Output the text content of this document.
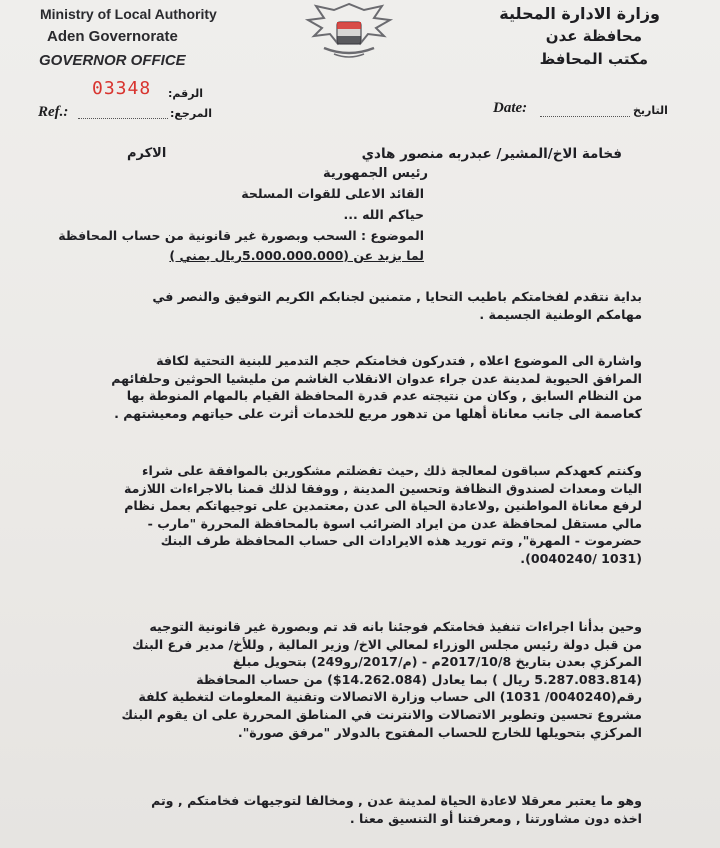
Ministry of Local Authority
Aden Governorate
GOVERNOR OFFICE
03348 الرقم:
Ref.:	المرجع:
وزارة الادارة المحلية
محافظة عدن
مكتب المحافظ
Date:	التاريخ
فخامة الاخ/المشير/ عبدربه منصور هادي
الاكرم
رئيس الجمهورية
القائد الاعلى للقوات المسلحة
حياكم الله ...
الموضوع : السحب وبصورة غير قانونية من حساب المحافظة
لما يزيد عن (5.000.000.000ريال يمني )
بداية نتقدم لفخامتكم باطيب التحايا , متمنين لجنابكم الكريم التوفيق والنصر في
مهامكم الوطنية الجسيمة .
واشارة الى الموضوع اعلاه , فتدركون فخامتكم حجم التدمير للبنية التحتية لكافة
المرافق الحيوية لمدينة عدن جراء عدوان الانقلاب الغاشم من مليشيا الحوثين وحلفائهم
من النظام السابق , وكان من نتيجته عدم قدرة المحافظة القيام بالمهام المنوطة بها
كعاصمة الى جانب معاناة أهلها من تدهور مريع للخدمات أثرت على حياتهم ومعيشتهم .
وكنتم كعهدكم سباقون لمعالجة ذلك ,حيث تفضلتم مشكورين بالموافقة على شراء
اليات ومعدات لصندوق النظافة وتحسين المدينة , ووفقا لذلك قمنا بالاجراءات اللازمة
لرفع معاناة المواطنين ,ولاعادة الحياة الى عدن ,معتمدين على توجيهاتكم بعمل نظام
مالي مستقل لمحافظة عدن من ايراد الضرائب اسوة بالمحافظة المحررة "مارب -
حضرموت - المهرة", وتم توريد هذه الايرادات الى حساب المحافظة طرف البنك
(1031 /0040240).
وحين بدأنا اجراءات تنفيذ فخامتكم فوجئنا بانه قد تم وبصورة غير قانونية التوجيه
من قبل دولة رئيس مجلس الوزراء لمعالي الاخ/ وزير المالية , وللأخ/ مدير فرع البنك
المركزي بعدن بتاريخ 2017/10/8م - (م/2017/رو249) بتحويل مبلغ
(5.287.083.814 ريال ) بما يعادل (14.262.084$) من حساب المحافظة
رقم(0040240/ 1031) الى حساب وزارة الاتصالات وتقنية المعلومات لتغطية كلفة
مشروع تحسين وتطوير الاتصالات والانترنت في المناطق المحررة على ان يقوم البنك
المركزي بتحويلها للخارج للحساب المفتوح بالدولار "مرفق صورة".
وهو ما يعتبر معرقلا لاعادة الحياة لمدينة عدن , ومخالفا لتوجيهات فخامتكم , وتم
اخذه دون مشاورتنا , ومعرفتنا أو التنسيق معنا .
